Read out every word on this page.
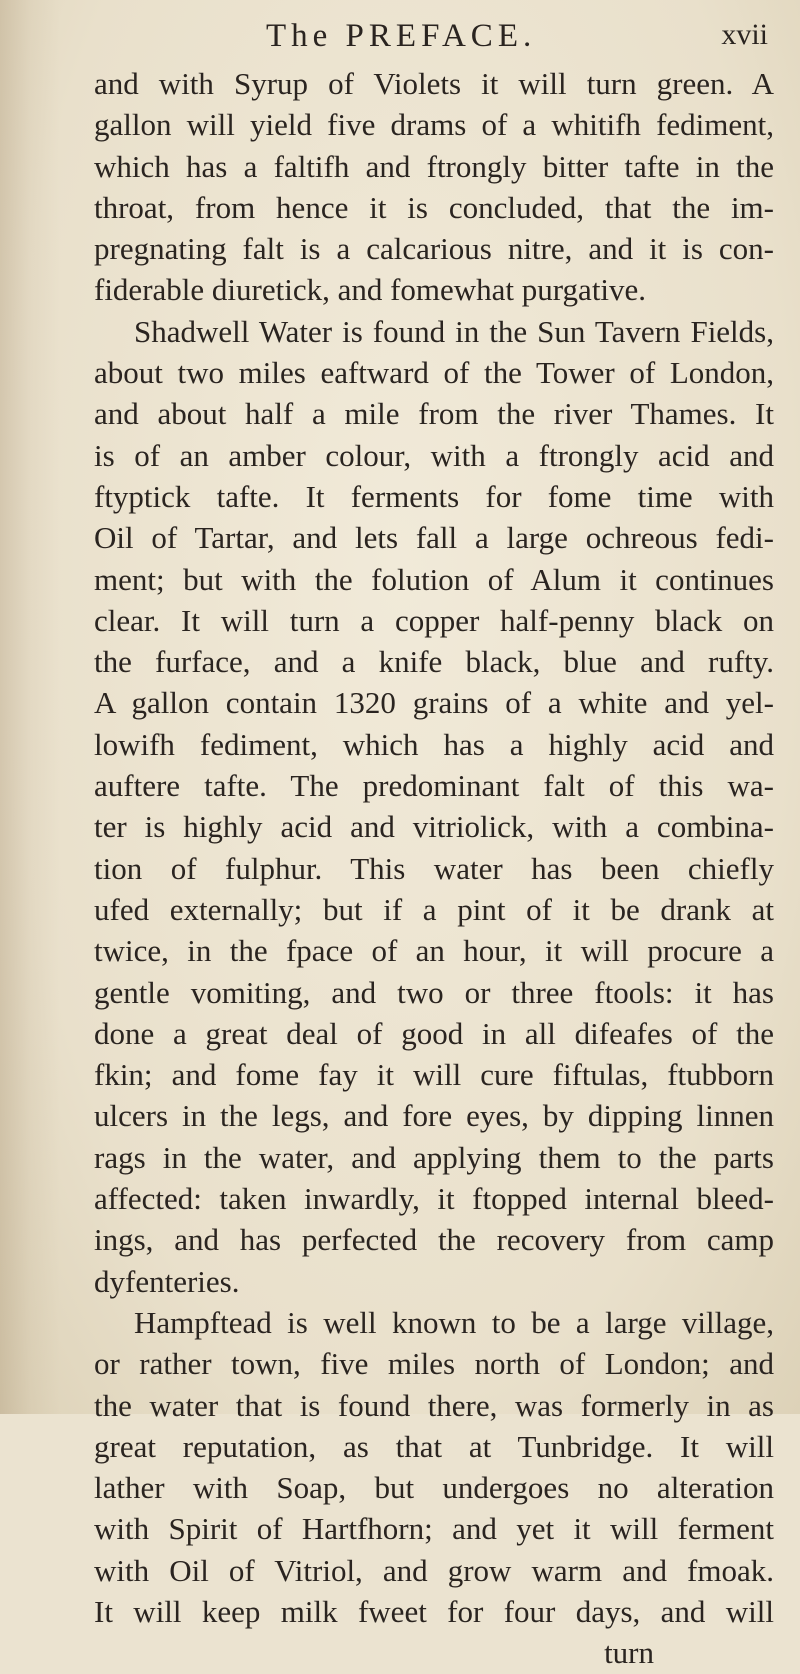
The PREFACE.	xvii
and with Syrup of Violets it will turn green. A
gallon will yield five drams of a whitifh fediment,
which has a faltifh and ftrongly bitter tafte in the
throat, from hence it is concluded, that the im-
pregnating falt is a calcarious nitre, and it is con-
fiderable diuretick, and fomewhat purgative.
Shadwell Water is found in the Sun Tavern Fields,
about two miles eaftward of the Tower of London,
and about half a mile from the river Thames. It
is of an amber colour, with a ftrongly acid and
ftyptick tafte. It ferments for fome time with
Oil of Tartar, and lets fall a large ochreous fedi-
ment; but with the folution of Alum it continues
clear. It will turn a copper half-penny black on
the furface, and a knife black, blue and rufty.
A gallon contain 1320 grains of a white and yel-
lowifh fediment, which has a highly acid and
auftere tafte. The predominant falt of this wa-
ter is highly acid and vitriolick, with a combina-
tion of fulphur. This water has been chiefly
ufed externally; but if a pint of it be drank at
twice, in the fpace of an hour, it will procure a
gentle vomiting, and two or three ftools: it has
done a great deal of good in all difeafes of the
fkin; and fome fay it will cure fiftulas, ftubborn
ulcers in the legs, and fore eyes, by dipping linnen
rags in the water, and applying them to the parts
affected: taken inwardly, it ftopped internal bleed-
ings, and has perfected the recovery from camp
dyfenteries.
Hampftead is well known to be a large village,
or rather town, five miles north of London; and
the water that is found there, was formerly in as
great reputation, as that at Tunbridge. It will
lather with Soap, but undergoes no alteration
with Spirit of Hartfhorn; and yet it will ferment
with Oil of Vitriol, and grow warm and fmoak.
It will keep milk fweet for four days, and will
turn
